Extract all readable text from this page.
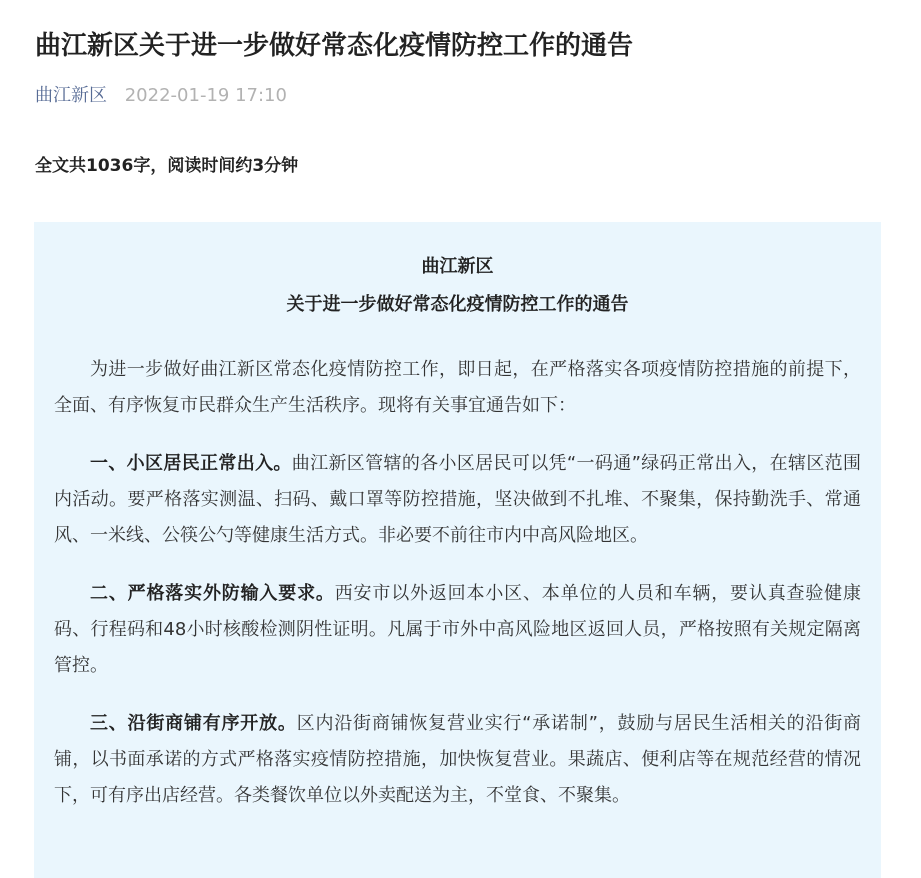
曲江新区关于进一步做好常态化疫情防控工作的通告
曲江新区 2022-01-19 17:10
全文共1036字，阅读时间约3分钟

曲江新区

关于进一步做好常态化疫情防控工作的通告

为进一步做好曲江新区常态化疫情防控工作，即日起，在严格落实各项疫情防控措施的前提下，全面、有序恢复市民群众生产生活秩序。现将有关事宜通告如下：

一、小区居民正常出入。曲江新区管辖的各小区居民可以凭“一码通”绿码正常出入，在辖区范围内活动。要严格落实测温、扫码、戴口罩等防控措施，坚决做到不扎堆、不聚集，保持勤洗手、常通风、一米线、公筷公勺等健康生活方式。非必要不前往市内中高风险地区。

二、严格落实外防输入要求。西安市以外返回本小区、本单位的人员和车辆，要认真查验健康码、行程码和48小时核酸检测阴性证明。凡属于市外中高风险地区返回人员，严格按照有关规定隔离管控。

三、沿街商铺有序开放。区内沿街商铺恢复营业实行“承诺制”，鼓励与居民生活相关的沿街商铺，以书面承诺的方式严格落实疫情防控措施，加快恢复营业。果蔬店、便利店等在规范经营的情况下，可有序出店经营。各类餐饮单位以外卖配送为主，不堂食、不聚集。
